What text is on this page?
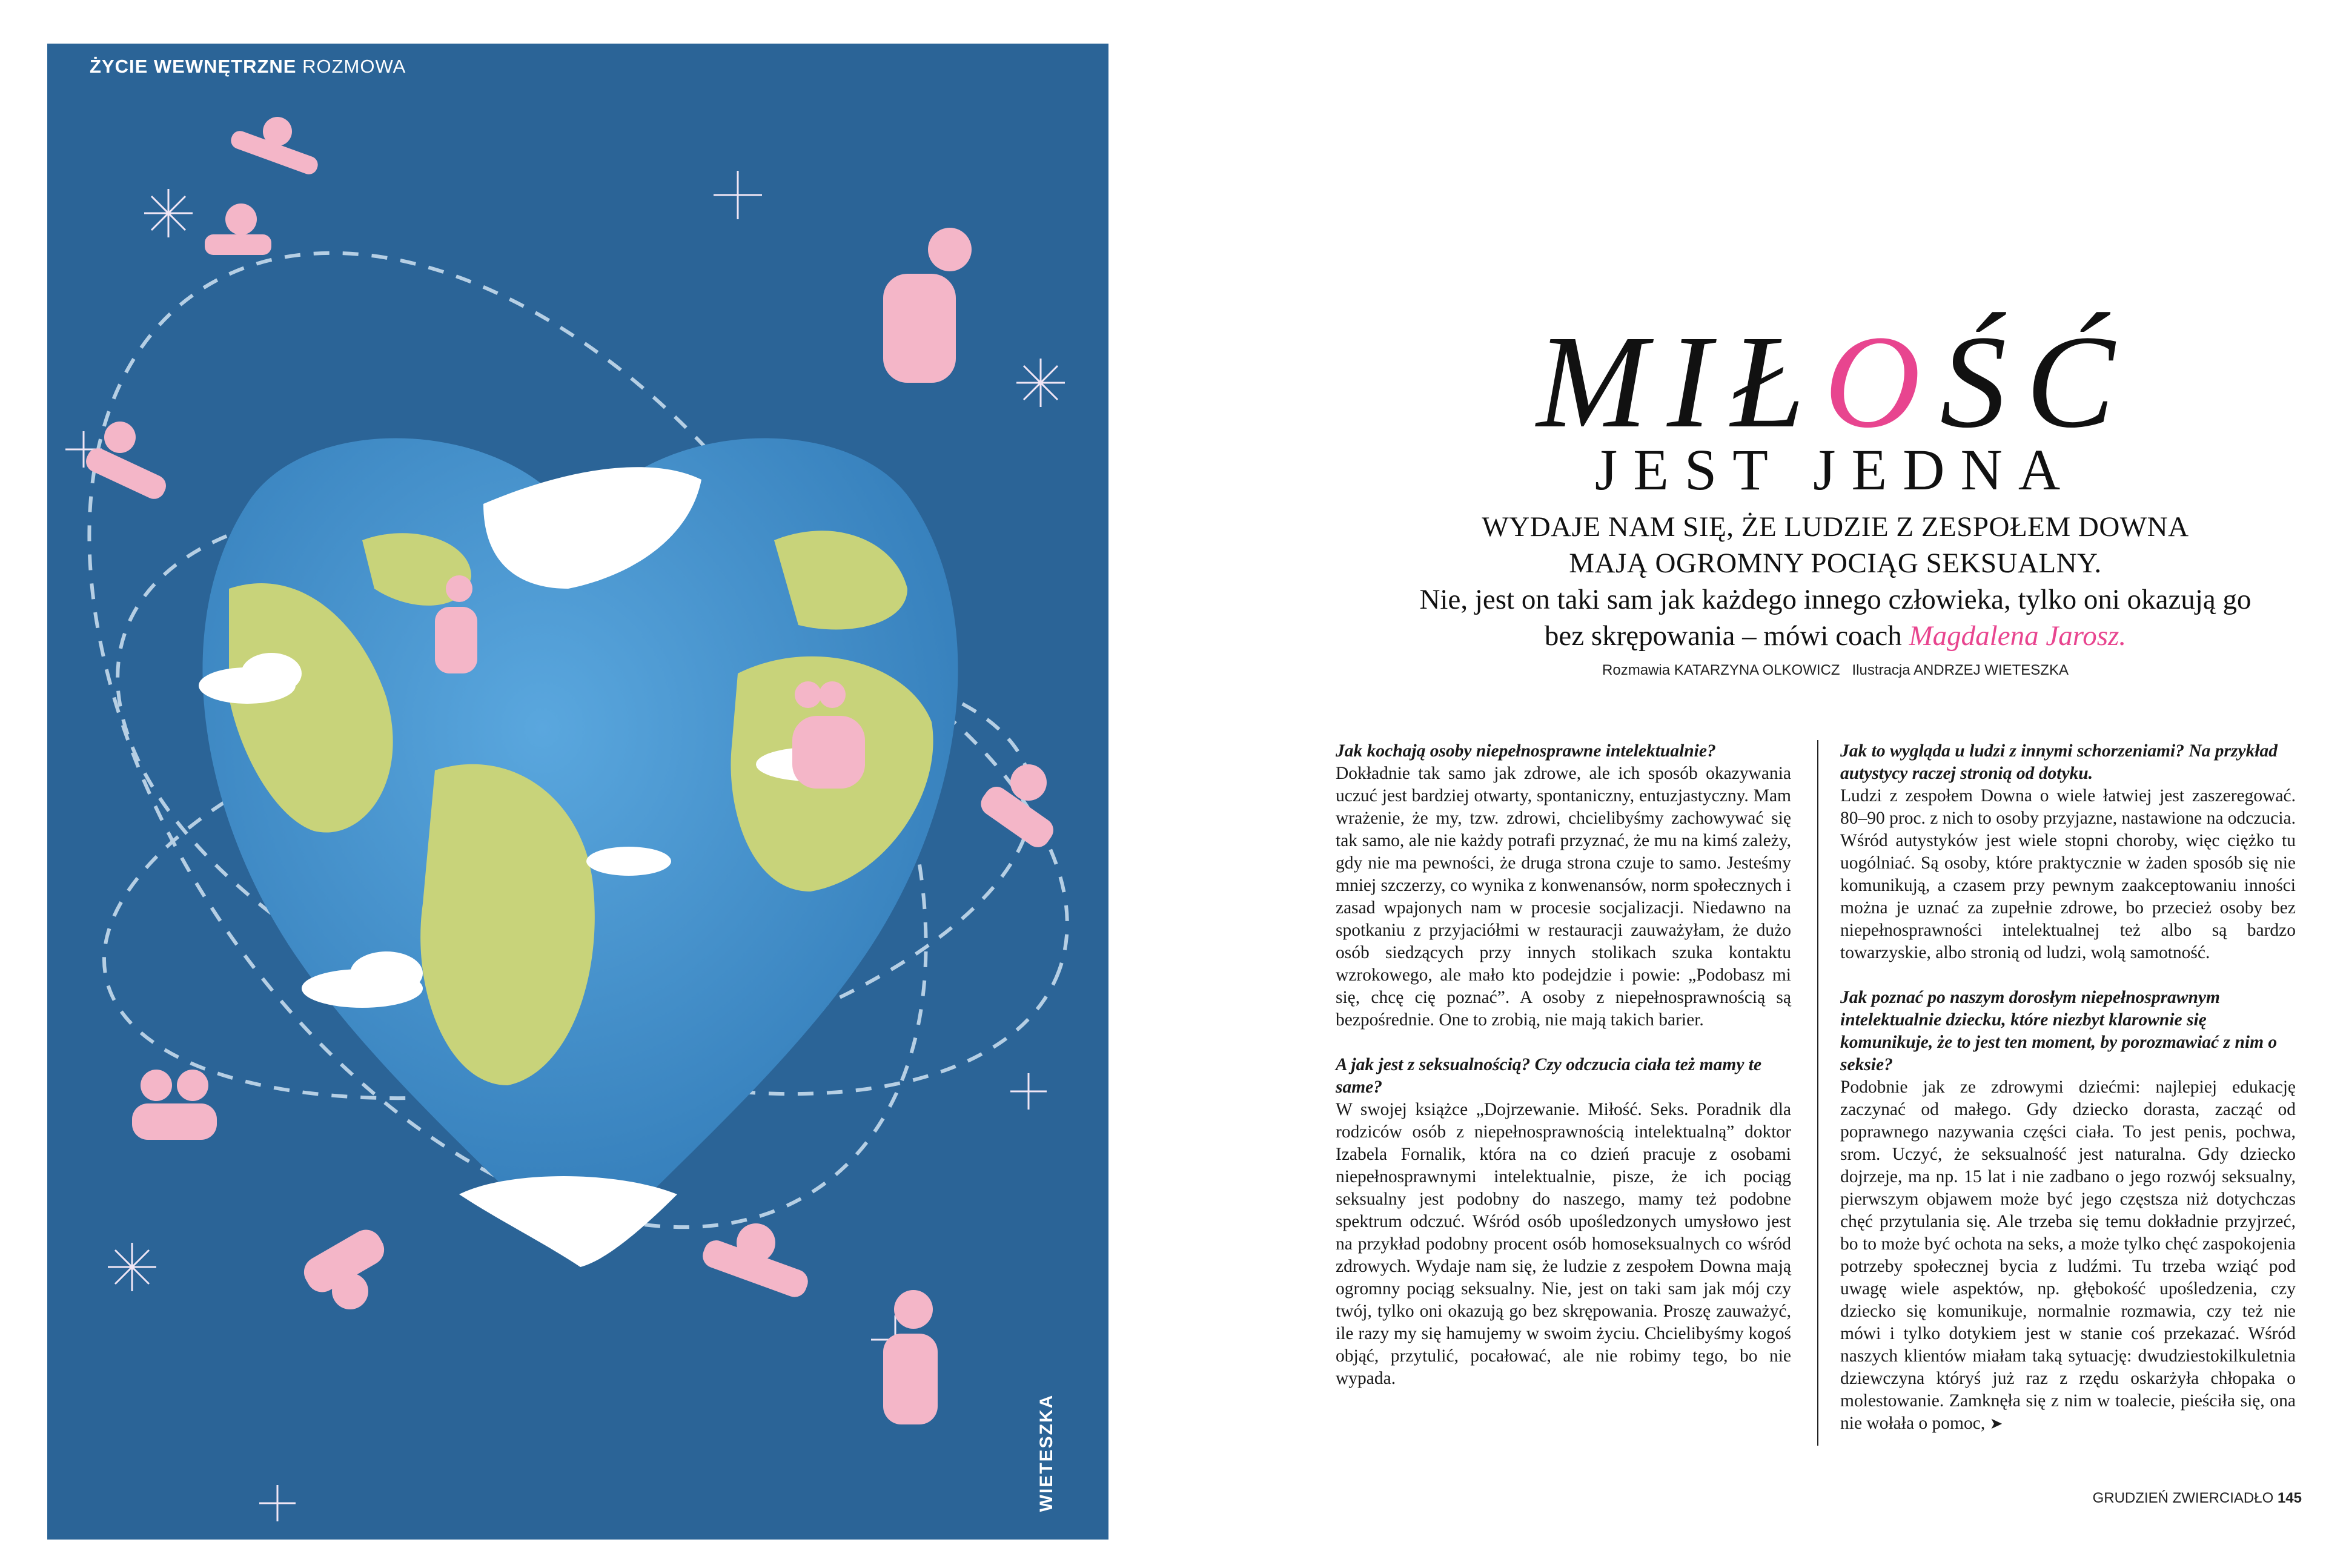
ŻYCIE WEWNĘTRZNE ROZMOWA
WIETESZKA
MIŁOŚĆ
JEST JEDNA
WYDAJE NAM SIĘ, ŻE LUDZIE Z ZESPOŁEM DOWNA
MAJĄ OGROMNY POCIĄG SEKSUALNY.
Nie, jest on taki sam jak każdego innego człowieka, tylko oni okazują go
bez skrępowania – mówi coach Magdalena Jarosz.
Rozmawia KATARZYNA OLKOWICZ Ilustracja ANDRZEJ WIETESZKA
Jak kochają osoby niepełnosprawne intelektualnie?
Dokładnie tak samo jak zdrowe, ale ich sposób okazywania uczuć jest bardziej otwarty, spontaniczny, entuzjastyczny. Mam wrażenie, że my, tzw. zdrowi, chcielibyśmy zachowywać się tak samo, ale nie każdy potrafi przyznać, że mu na kimś zależy, gdy nie ma pewności, że druga strona czuje to samo. Jesteśmy mniej szczerzy, co wynika z konwenansów, norm społecznych i zasad wpajonych nam w procesie socjalizacji. Niedawno na spotkaniu z przyjaciółmi w restauracji zauważyłam, że dużo osób siedzących przy innych stolikach szuka kontaktu wzrokowego, ale mało kto podejdzie i powie: „Podobasz mi się, chcę cię poznać”. A osoby z niepełnosprawnością są bezpośrednie. One to zrobią, nie mają takich barier.
A jak jest z seksualnością? Czy odczucia ciała też mamy te same?
W swojej książce „Dojrzewanie. Miłość. Seks. Poradnik dla rodziców osób z niepełnosprawnością intelektualną” doktor Izabela Fornalik, która na co dzień pracuje z osobami niepełnosprawnymi intelektualnie, pisze, że ich pociąg seksualny jest podobny do naszego, mamy też podobne spektrum odczuć. Wśród osób upośledzonych umysłowo jest na przykład podobny procent osób homoseksualnych co wśród zdrowych. Wydaje nam się, że ludzie z zespołem Downa mają ogromny pociąg seksualny. Nie, jest on taki sam jak mój czy twój, tylko oni okazują go bez skrępowania. Proszę zauważyć, ile razy my się hamujemy w swoim życiu. Chcielibyśmy kogoś objąć, przytulić, pocałować, ale nie robimy tego, bo nie wypada.
Jak to wygląda u ludzi z innymi schorzeniami? Na przykład autystycy raczej stronią od dotyku.
Ludzi z zespołem Downa o wiele łatwiej jest zaszeregować. 80–90 proc. z nich to osoby przyjazne, nastawione na odczucia. Wśród autystyków jest wiele stopni choroby, więc ciężko tu uogólniać. Są osoby, które praktycznie w żaden sposób się nie komunikują, a czasem przy pewnym zaakceptowaniu inności można je uznać za zupełnie zdrowe, bo przecież osoby bez niepełnosprawności intelektualnej też albo są bardzo towarzyskie, albo stronią od ludzi, wolą samotność.
Jak poznać po naszym dorosłym niepełnosprawnym intelektualnie dziecku, które niezbyt klarownie się komunikuje, że to jest ten moment, by porozmawiać z nim o seksie?
Podobnie jak ze zdrowymi dziećmi: najlepiej edukację zaczynać od małego. Gdy dziecko dorasta, zacząć od poprawnego nazywania części ciała. To jest penis, pochwa, srom. Uczyć, że seksualność jest naturalna. Gdy dziecko dojrzeje, ma np. 15 lat i nie zadbano o jego rozwój seksualny, pierwszym objawem może być jego częstsza niż dotychczas chęć przytulania się. Ale trzeba się temu dokładnie przyjrzeć, bo to może być ochota na seks, a może tylko chęć zaspokojenia potrzeby społecznej bycia z ludźmi. Tu trzeba wziąć pod uwagę wiele aspektów, np. głębokość upośledzenia, czy dziecko się komunikuje, normalnie rozmawia, czy też nie mówi i tylko dotykiem jest w stanie coś przekazać. Wśród naszych klientów miałam taką sytuację: dwudziestokilkuletnia dziewczyna któryś już raz z rzędu oskarżyła chłopaka o molestowanie. Zamknęła się z nim w toalecie, pieściła się, ona nie wołała o pomoc, ➤
GRUDZIEŃ ZWIERCIADŁO 145
